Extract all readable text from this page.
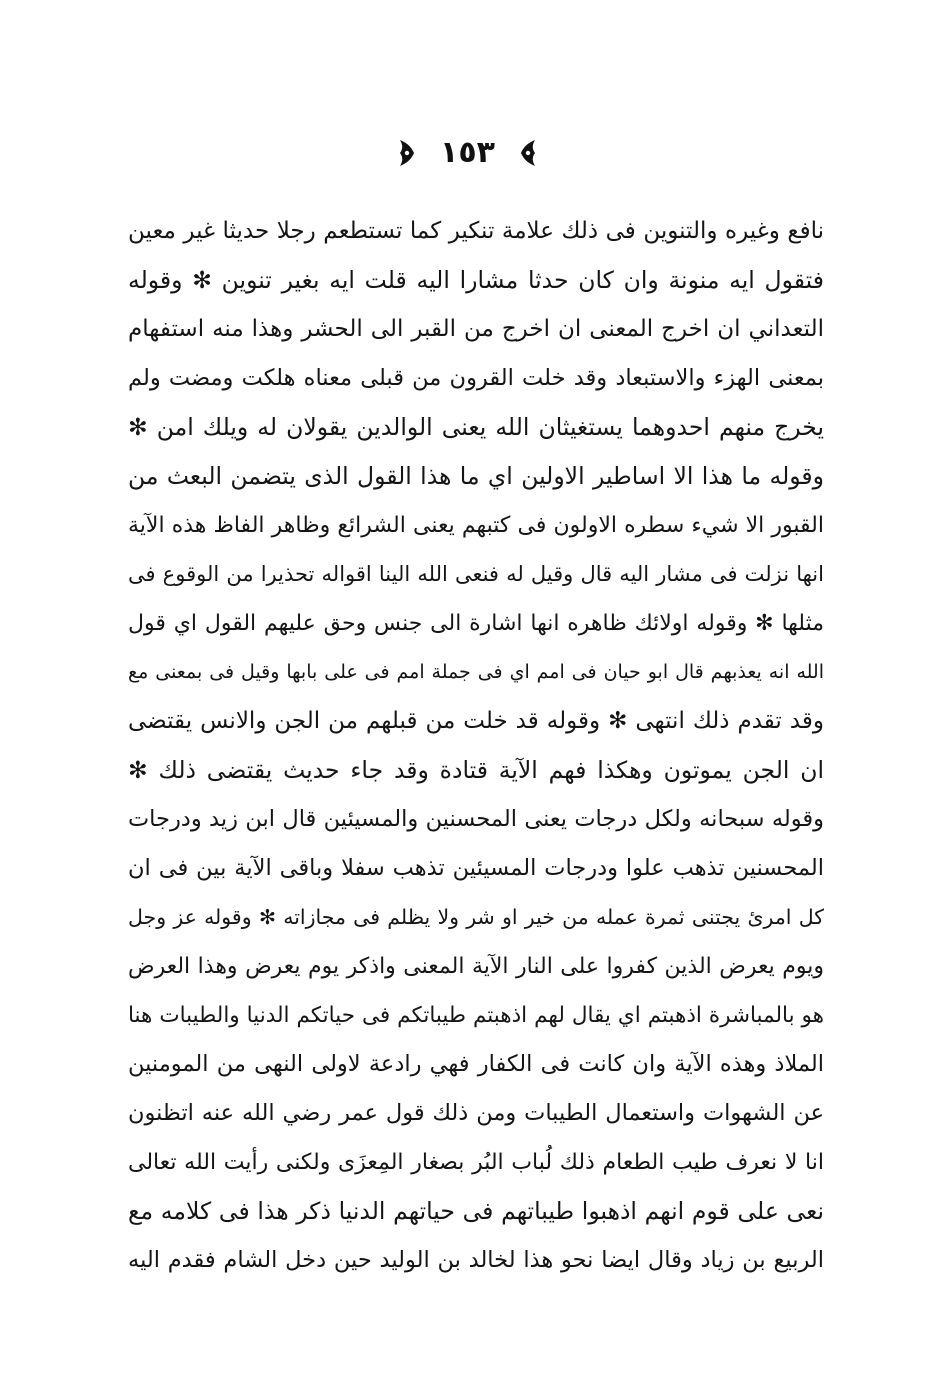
١٥٣
نافع وغيره والتنوين فى ذلك علامة تنكير كما تستطعم رجلا حديثا غير معين
فتقول ايه منونة وان كان حدثا مشارا اليه قلت ايه بغير تنوين ✻ وقوله
التعداني ان اخرج المعنى ان اخرج من القبر الى الحشر وهذا منه استفهام
بمعنى الهزء والاستبعاد وقد خلت القرون من قبلى معناه هلكت ومضت ولم
يخرج منهم احدوهما يستغيثان الله يعنى الوالدين يقولان له ويلك امن ✻
وقوله ما هذا الا اساطير الاولين اي ما هذا القول الذى يتضمن البعث من
القبور الا شيء سطره الاولون فى كتبهم يعنى الشرائع وظاهر الفاظ هذه الآية
انها نزلت فى مشار اليه قال وقيل له فنعى الله الينا اقواله تحذيرا من الوقوع فى
مثلها ✻ وقوله اولائك ظاهره انها اشارة الى جنس وحق عليهم القول اي قول
الله انه يعذبهم قال ابو حيان فى امم اي فى جملة امم فى على بابها وقيل فى بمعنى مع
وقد تقدم ذلك انتهى ✻ وقوله قد خلت من قبلهم من الجن والانس يقتضى
ان الجن يموتون وهكذا فهم الآية قتادة وقد جاء حديث يقتضى ذلك ✻
وقوله سبحانه ولكل درجات يعنى المحسنين والمسيئين قال ابن زيد ودرجات
المحسنين تذهب علوا ودرجات المسيئين تذهب سفلا وباقى الآية بين فى ان
كل امرئ يجتنى ثمرة عمله من خير او شر ولا يظلم فى مجازاته ✻ وقوله عز وجل
ويوم يعرض الذين كفروا على النار الآية المعنى واذكر يوم يعرض وهذا العرض
هو بالمباشرة اذهبتم اي يقال لهم اذهبتم طيباتكم فى حياتكم الدنيا والطيبات هنا
الملاذ وهذه الآية وان كانت فى الكفار فهي رادعة لاولى النهى من المومنين
عن الشهوات واستعمال الطيبات ومن ذلك قول عمر رضي الله عنه اتظنون
انا لا نعرف طيب الطعام ذلك لُباب البُر بصغار المِعزَى ولكنى رأيت الله تعالى
نعى على قوم انهم اذهبوا طيباتهم فى حياتهم الدنيا ذكر هذا فى كلامه مع
الربيع بن زياد وقال ايضا نحو هذا لخالد بن الوليد حين دخل الشام فقدم اليه
